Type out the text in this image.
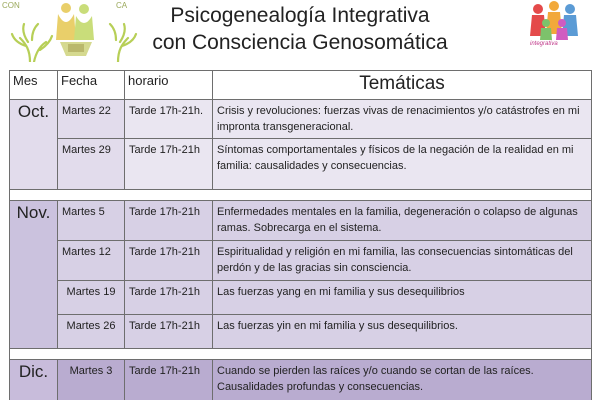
CON	CA
integrativa
Psicogenealogía Integrativa
con Consciencia Genosomática
Mes	Fecha	horario	Temáticas
Oct.	Martes 22	Tarde 17h-21h.	Crisis y revoluciones: fuerzas vivas de renacimientos y/o catástrofes en mi impronta transgeneracional.
	Martes 29	Tarde 17h-21h	Síntomas comportamentales y físicos de la negación de la realidad en mi familia: causalidades y consecuencias.

Nov.	Martes 5	Tarde 17h-21h	Enfermedades mentales en la familia, degeneración o colapso de algunas ramas. Sobrecarga en el sistema.
	Martes 12	Tarde 17h-21h	Espiritualidad y religión en mi familia, las consecuencias sintomáticas del perdón y de las gracias sin consciencia.
	Martes 19	Tarde 17h-21h	Las fuerzas yang en mi familia y sus desequilibrios
	Martes 26	Tarde 17h-21h	Las fuerzas yin en mi familia y sus desequilibrios.

Dic.	Martes 3	Tarde 17h-21h	Cuando se pierden las raíces y/o cuando se cortan de las raíces. Causalidades profundas y consecuencias.
